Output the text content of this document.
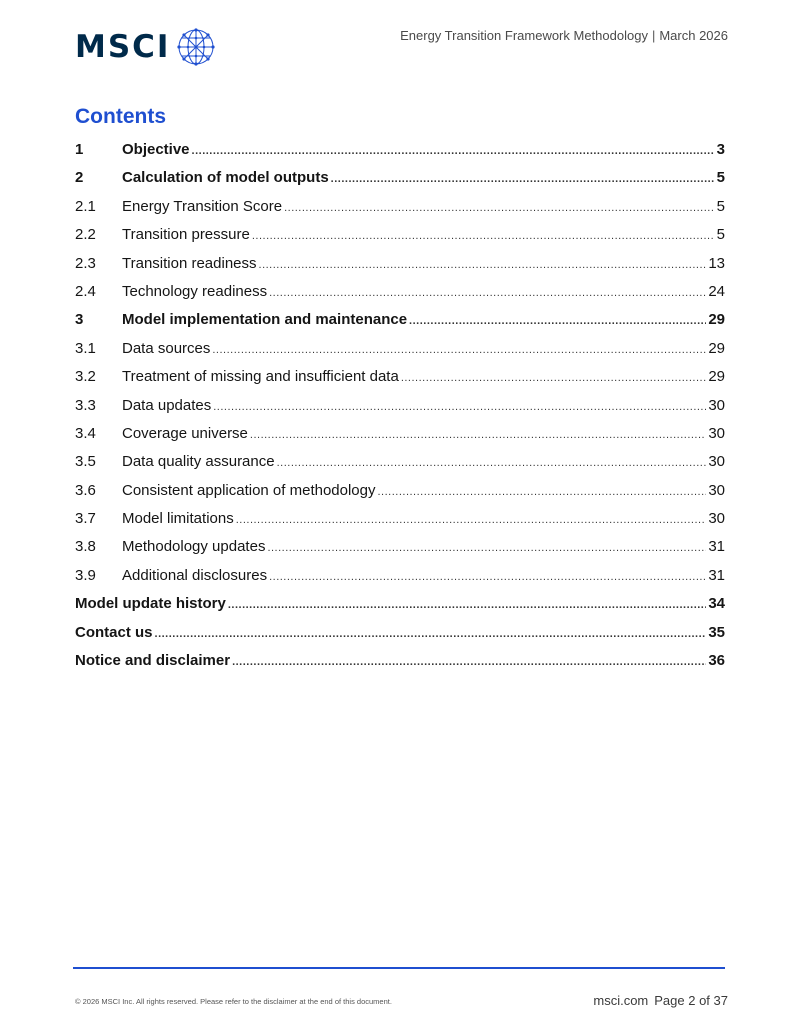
MSCI	Energy Transition Framework Methodology | March 2026
Contents
1	Objective .....	3
2	Calculation of model outputs .....	5
2.1	Energy Transition Score .....	5
2.2	Transition pressure .....	5
2.3	Transition readiness .....	13
2.4	Technology readiness .....	24
3	Model implementation and maintenance .....	29
3.1	Data sources .....	29
3.2	Treatment of missing and insufficient data .....	29
3.3	Data updates .....	30
3.4	Coverage universe .....	30
3.5	Data quality assurance .....	30
3.6	Consistent application of methodology .....	30
3.7	Model limitations .....	30
3.8	Methodology updates .....	31
3.9	Additional disclosures .....	31
Model update history .....	34
Contact us .....	35
Notice and disclaimer .....	36
© 2026 MSCI Inc. All rights reserved. Please refer to the disclaimer at the end of this document.	msci.com Page 2 of 37
